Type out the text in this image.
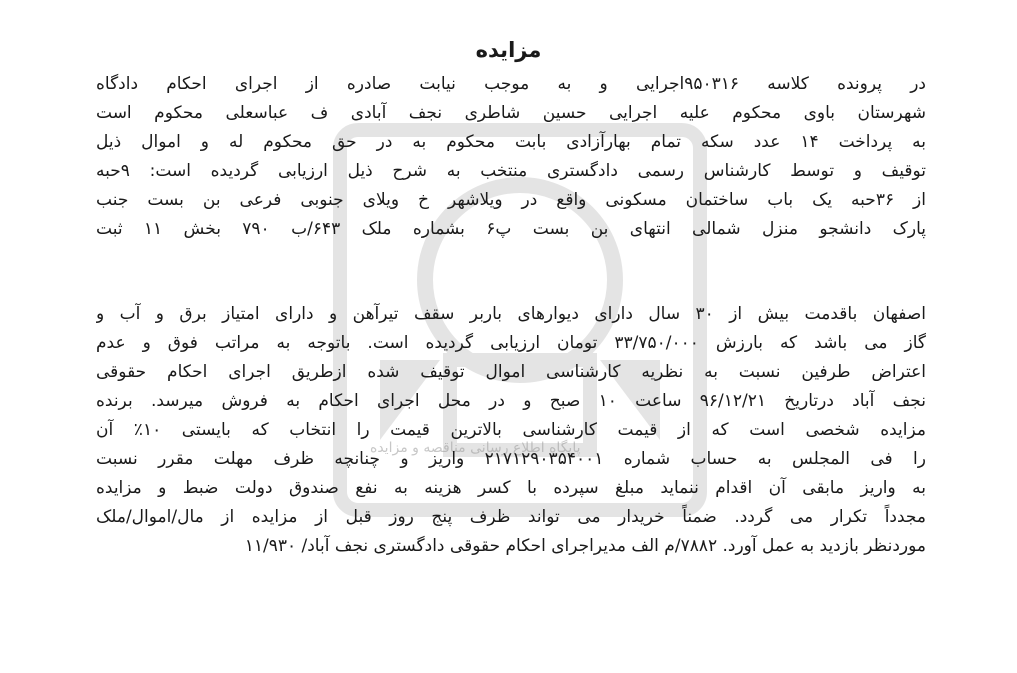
پایگاه اطلاع رسانی مناقصه و مزایده
مزایده
در پرونده کلاسه ۹۵۰۳۱۶اجرایی و به موجب نیابت صادره از اجرای احکام دادگاه
شهرستان باوی محکوم علیه اجرایی حسین شاطری نجف آبادی ف عباسعلی محکوم است
به پرداخت ۱۴ عدد سکه تمام بهارآزادی بابت محکوم به در حق محکوم له و اموال ذیل
توقیف و توسط کارشناس رسمی دادگستری منتخب به شرح ذیل ارزیابی گردیده است: ۹حبه
از ۳۶حبه یک باب ساختمان مسکونی واقع در ویلاشهر خ ویلای جنوبی فرعی بن بست جنب
پارک دانشجو منزل شمالی انتهای بن بست پ۶ بشماره ملک ۶۴۳/ب ۷۹۰ بخش ۱۱ ثبت
اصفهان باقدمت بیش از ۳۰ سال دارای دیوارهای باربر سقف تیرآهن و دارای امتیاز برق و آب و
گاز می باشد که بارزش ۳۳/۷۵۰/۰۰۰ تومان ارزیابی گردیده است. باتوجه به مراتب فوق و عدم
اعتراض طرفین نسبت به نظریه کارشناسی اموال توقیف شده ازطریق اجرای احکام حقوقی
نجف آباد درتاریخ ۹۶/۱۲/۲۱ ساعت ۱۰ صبح و در محل اجرای احکام به فروش میرسد. برنده
مزایده شخصی است که از قیمت کارشناسی بالاترین قیمت را انتخاب که بایستی ۱۰٪ آن
را فی المجلس به حساب شماره ۲۱۷۱۲۹۰۳۵۴۰۰۱ واریز و چنانچه ظرف مهلت مقرر نسبت
به واریز مابقی آن اقدام ننماید مبلغ سپرده با کسر هزینه به نفع صندوق دولت ضبط و مزایده
مجدداً تکرار می گردد. ضمناً خریدار می تواند ظرف پنج روز قبل از مزایده از مال/اموال/ملک
موردنظر بازدید به عمل آورد. ۷۸۸۲/م الف مدیراجرای احکام حقوقی دادگستری نجف آباد/ ۱۱/۹۳۰
